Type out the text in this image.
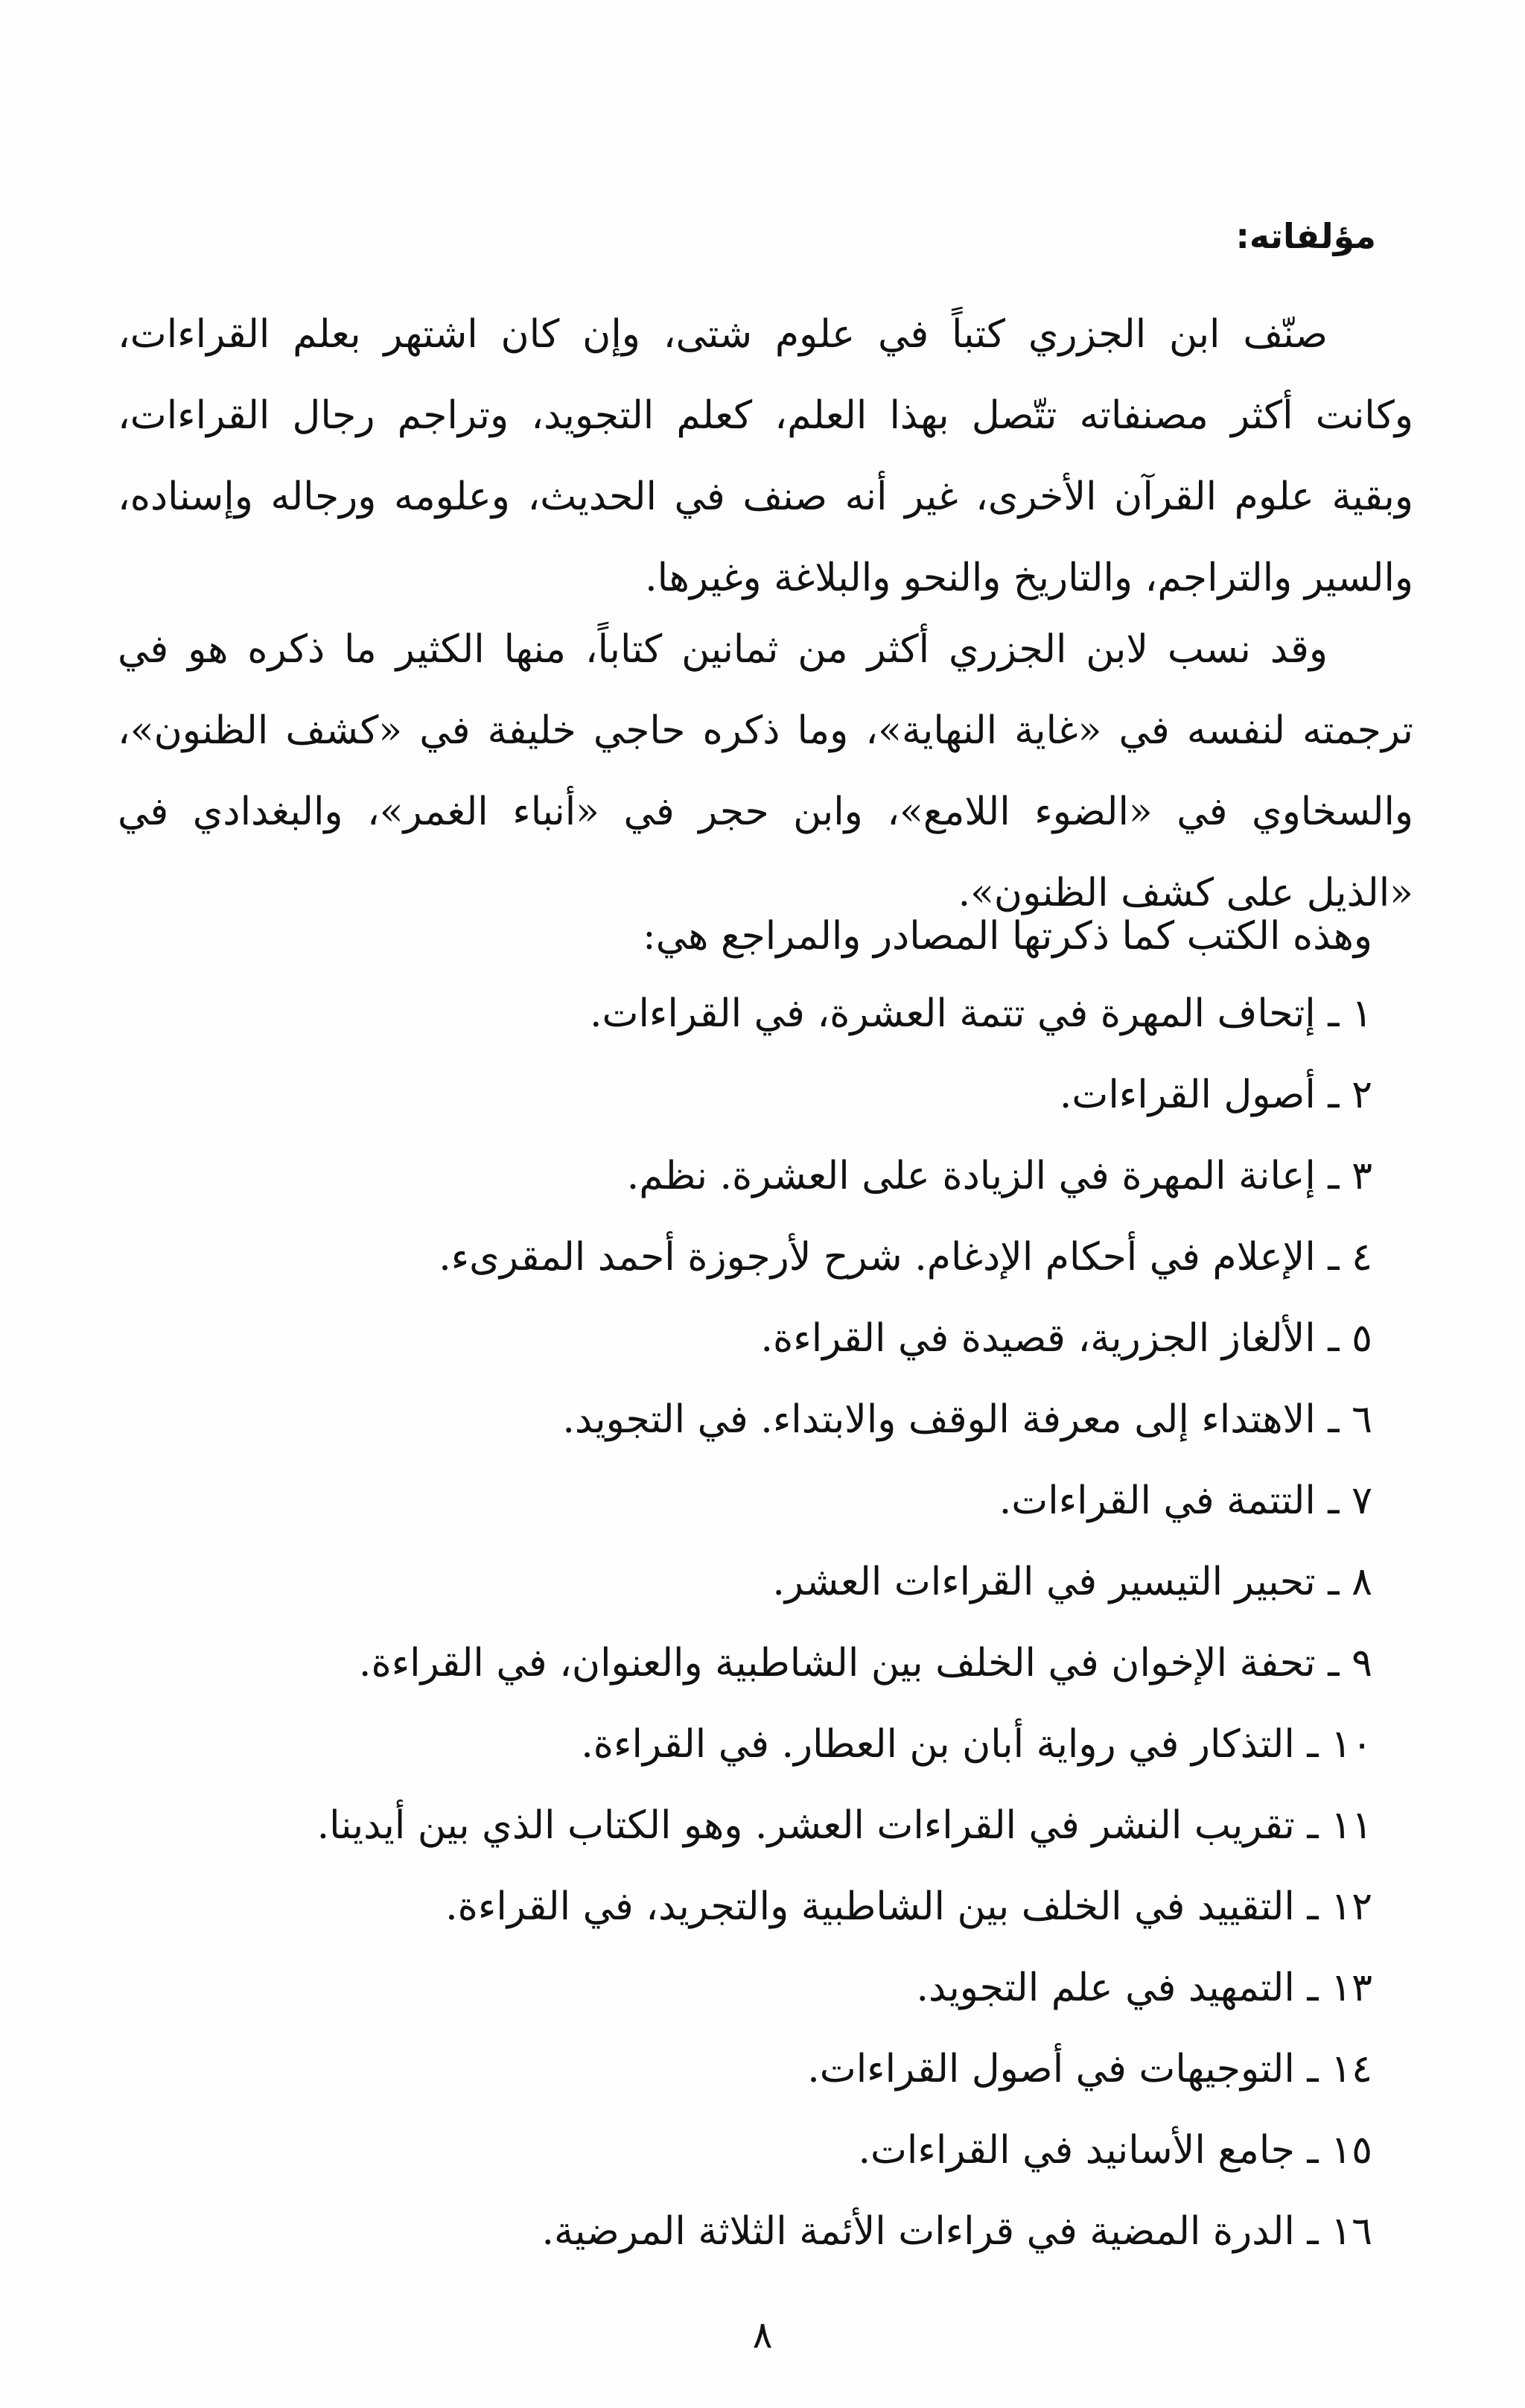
مؤلفاته:
صنّف ابن الجزري كتباً في علوم شتى، وإن كان اشتهر بعلم القراءات،
وكانت أكثر مصنفاته تتّصل بهذا العلم، كعلم التجويد، وتراجم رجال القراءات،
وبقية علوم القرآن الأخرى، غير أنه صنف في الحديث، وعلومه ورجاله وإسناده،
والسير والتراجم، والتاريخ والنحو والبلاغة وغيرها.
وقد نسب لابن الجزري أكثر من ثمانين كتاباً، منها الكثير ما ذكره هو في
ترجمته لنفسه في «غاية النهاية»، وما ذكره حاجي خليفة في «كشف الظنون»،
والسخاوي في «الضوء اللامع»، وابن حجر في «أنباء الغمر»، والبغدادي في
«الذيل على كشف الظنون».

وهذه الكتب كما ذكرتها المصادر والمراجع هي:

١ ـ إتحاف المهرة في تتمة العشرة، في القراءات.
٢ ـ أصول القراءات.
٣ ـ إعانة المهرة في الزيادة على العشرة. نظم.
٤ ـ الإعلام في أحكام الإدغام. شرح لأرجوزة أحمد المقرىء.
٥ ـ الألغاز الجزرية، قصيدة في القراءة.
٦ ـ الاهتداء إلى معرفة الوقف والابتداء. في التجويد.
٧ ـ التتمة في القراءات.
٨ ـ تحبير التيسير في القراءات العشر.
٩ ـ تحفة الإخوان في الخلف بين الشاطبية والعنوان، في القراءة.
١٠ ـ التذكار في رواية أبان بن العطار. في القراءة.
١١ ـ تقريب النشر في القراءات العشر. وهو الكتاب الذي بين أيدينا.
١٢ ـ التقييد في الخلف بين الشاطبية والتجريد، في القراءة.
١٣ ـ التمهيد في علم التجويد.
١٤ ـ التوجيهات في أصول القراءات.
١٥ ـ جامع الأسانيد في القراءات.
١٦ ـ الدرة المضية في قراءات الأئمة الثلاثة المرضية.

٨
